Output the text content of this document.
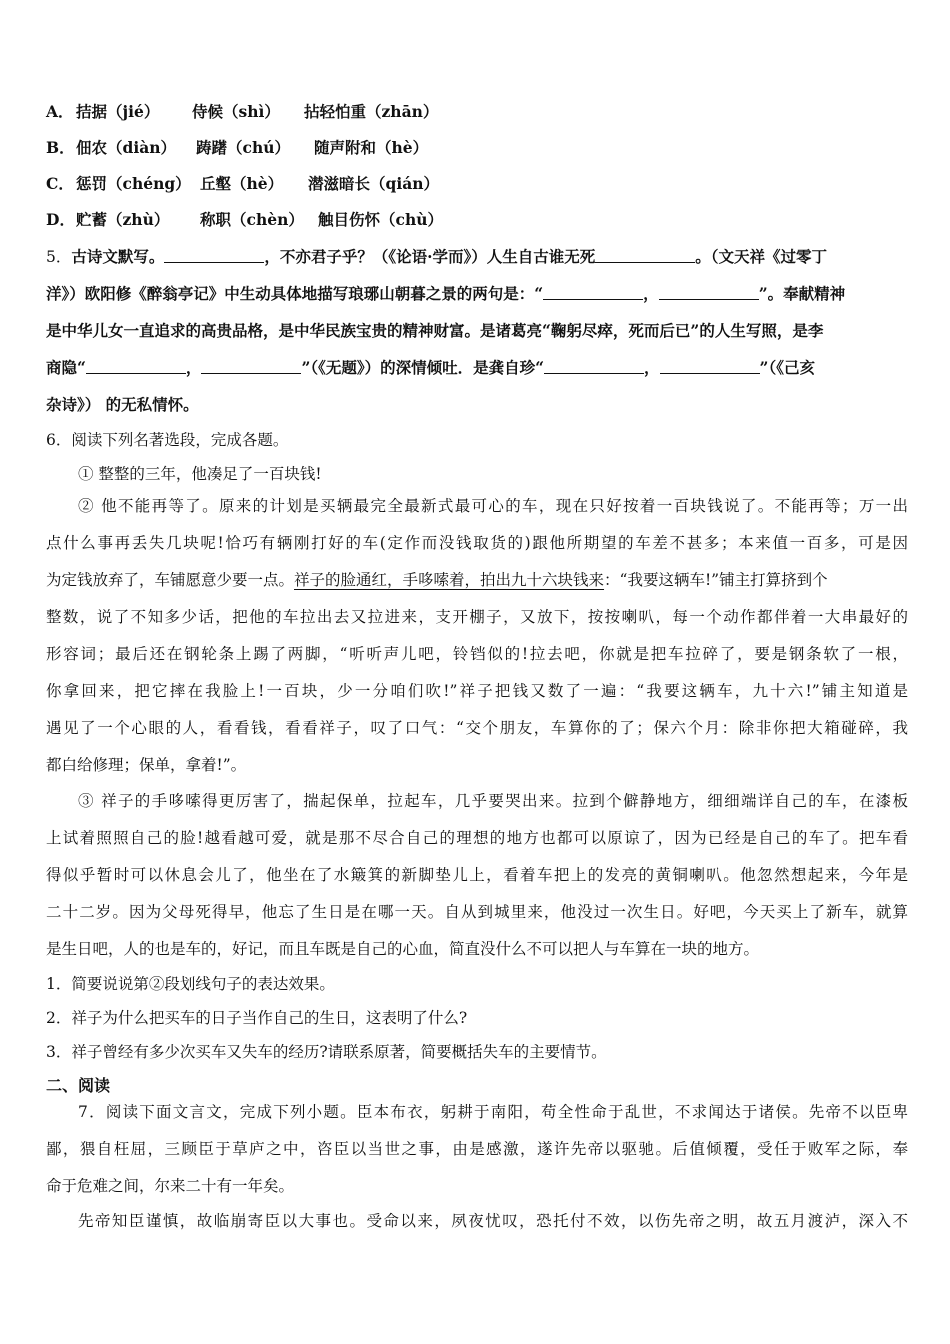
A． 拮据（jié） 侍候（shì） 拈轻怕重（zhān）
B．佃农（diàn） 踌躇（chú） 随声附和（hè）
C． 惩罚（chéng） 丘壑（hè） 潜滋暗长（qián）
D．贮蓄（zhù） 称职（chèn） 触目伤怀（chù）
5．古诗文默写。	，不亦君子乎？（《论语·学而》）人生自古谁无死	。（文天祥《过零丁
洋》）欧阳修《醉翁亭记》中生动具体地描写琅琊山朝暮之景的两句是：“	，	”。奉献精神
是中华儿女一直追求的高贵品格，是中华民族宝贵的精神财富。是诸葛亮“鞠躬尽瘁，死而后已”的人生写照，是李
商隐“	，	”（《无题》）的深情倾吐．是龚自珍“	，	”（《己亥
杂诗》） 的无私情怀。
6．阅读下列名著选段，完成各题。
① 整整的三年，他凑足了一百块钱!
② 他不能再等了。原来的计划是买辆最完全最新式最可心的车，现在只好按着一百块钱说了。不能再等；万一出
点什么事再丢失几块呢!恰巧有辆刚打好的车(定作而没钱取货的)跟他所期望的车差不甚多；本来值一百多，可是因
为定钱放弃了，车铺愿意少要一点。祥子的脸通红，手哆嗦着，拍出九十六块钱来：“我要这辆车!”铺主打算挤到个
整数，说了不知多少话，把他的车拉出去又拉进来，支开棚子，又放下，按按喇叭，每一个动作都伴着一大串最好的
形容词；最后还在钢轮条上踢了两脚，“听听声儿吧，铃铛似的!拉去吧，你就是把车拉碎了，要是钢条软了一根，
你拿回来，把它摔在我脸上!一百块，少一分咱们吹!”祥子把钱又数了一遍：“我要这辆车，九十六!”铺主知道是
遇见了一个心眼的人，看看钱，看看祥子，叹了口气：“交个朋友，车算你的了；保六个月：除非你把大箱碰碎，我
都白给修理；保单，拿着!”。
③ 祥子的手哆嗦得更厉害了，揣起保单，拉起车，几乎要哭出来。拉到个僻静地方，细细端详自己的车，在漆板
上试着照照自己的脸!越看越可爱，就是那不尽合自己的理想的地方也都可以原谅了，因为已经是自己的车了。把车看
得似乎暂时可以休息会儿了，他坐在了水簸箕的新脚垫儿上，看着车把上的发亮的黄铜喇叭。他忽然想起来，今年是
二十二岁。因为父母死得早，他忘了生日是在哪一天。自从到城里来，他没过一次生日。好吧，今天买上了新车，就算
是生日吧，人的也是车的，好记，而且车既是自己的心血，简直没什么不可以把人与车算在一块的地方。
1．简要说说第②段划线句子的表达效果。
2．祥子为什么把买车的日子当作自己的生日，这表明了什么?
3．祥子曾经有多少次买车又失车的经历?请联系原著，简要概括失车的主要情节。
二、阅读
7．阅读下面文言文，完成下列小题。臣本布衣，躬耕于南阳，苟全性命于乱世，不求闻达于诸侯。先帝不以臣卑
鄙，猥自枉屈，三顾臣于草庐之中，咨臣以当世之事，由是感激，遂许先帝以驱驰。后值倾覆，受任于败军之际，奉
命于危难之间，尔来二十有一年矣。
先帝知臣谨慎，故临崩寄臣以大事也。受命以来，夙夜忧叹，恐托付不效，以伤先帝之明，故五月渡泸，深入不
